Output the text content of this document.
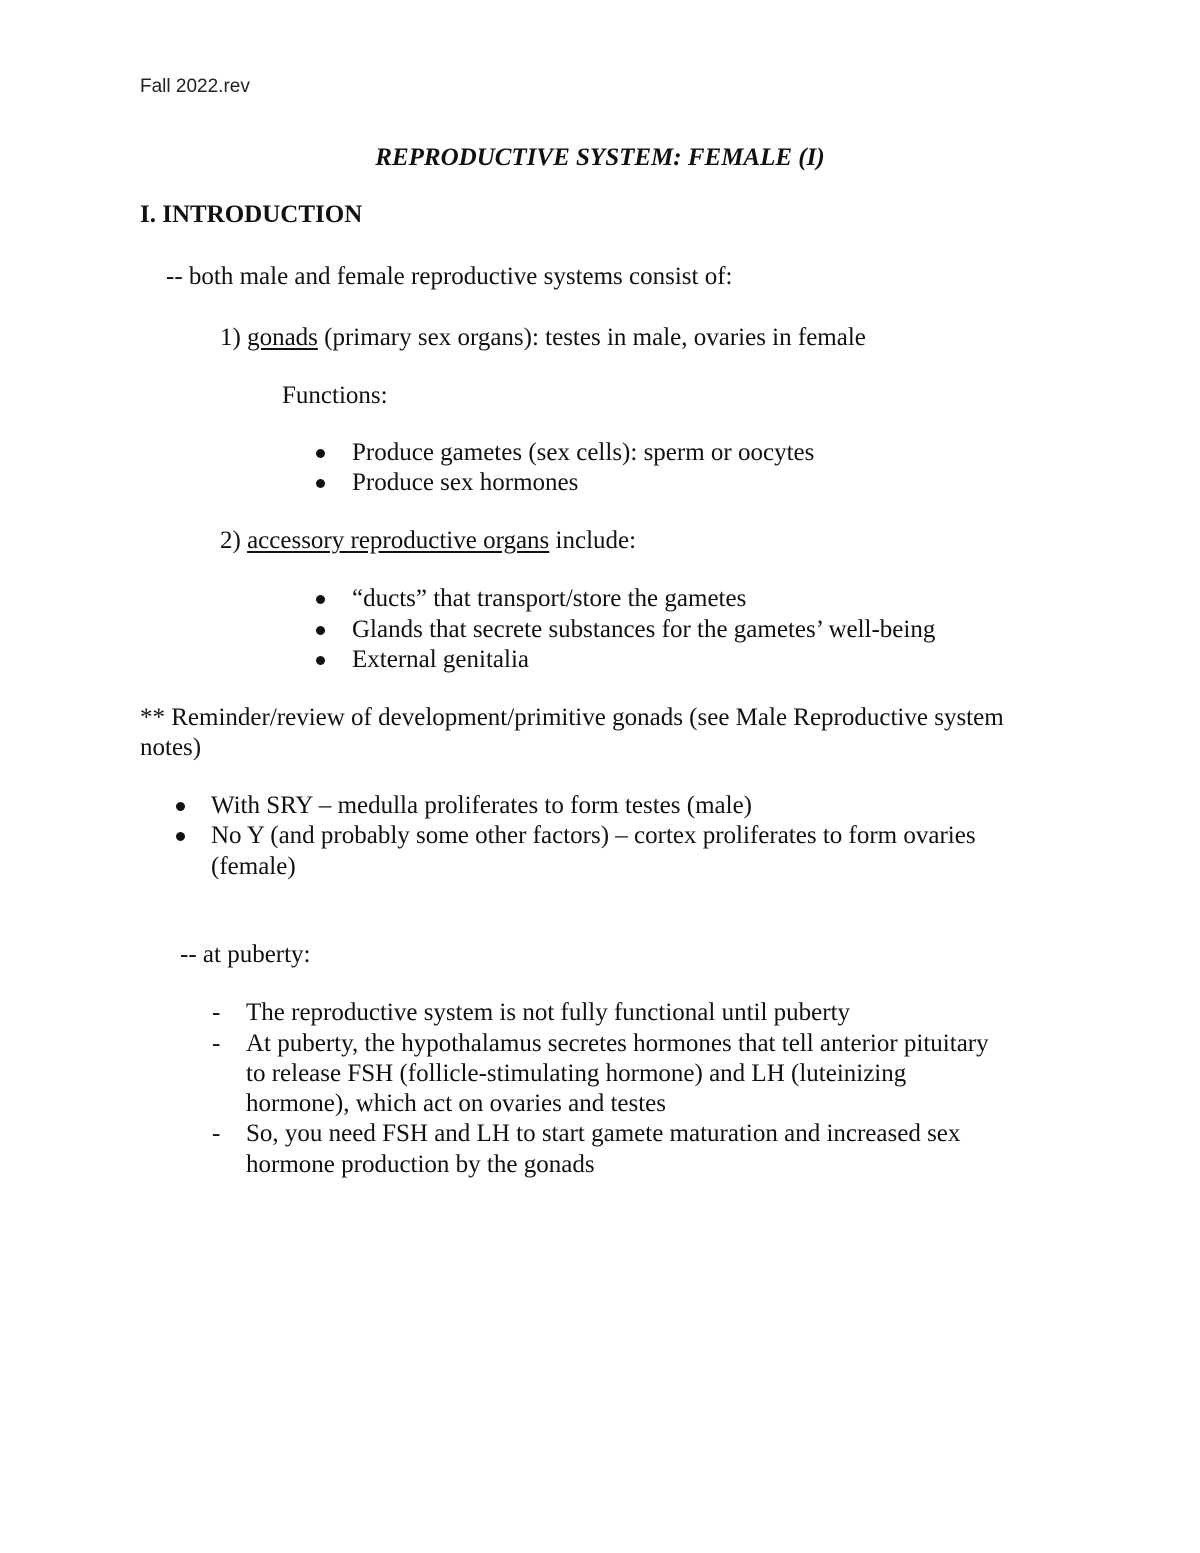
Fall 2022.rev
REPRODUCTIVE SYSTEM: FEMALE (I)
I. INTRODUCTION
-- both male and female reproductive systems consist of:
1) gonads (primary sex organs): testes in male, ovaries in female
Functions:
Produce gametes (sex cells): sperm or oocytes
Produce sex hormones
2) accessory reproductive organs include:
“ducts” that transport/store the gametes
Glands that secrete substances for the gametes’ well-being
External genitalia
** Reminder/review of development/primitive gonads (see Male Reproductive system
notes)
With SRY – medulla proliferates to form testes (male)
No Y (and probably some other factors) – cortex proliferates to form ovaries
(female)
-- at puberty:
- The reproductive system is not fully functional until puberty
- At puberty, the hypothalamus secretes hormones that tell anterior pituitary
to release FSH (follicle-stimulating hormone) and LH (luteinizing
hormone), which act on ovaries and testes
- So, you need FSH and LH to start gamete maturation and increased sex
hormone production by the gonads
